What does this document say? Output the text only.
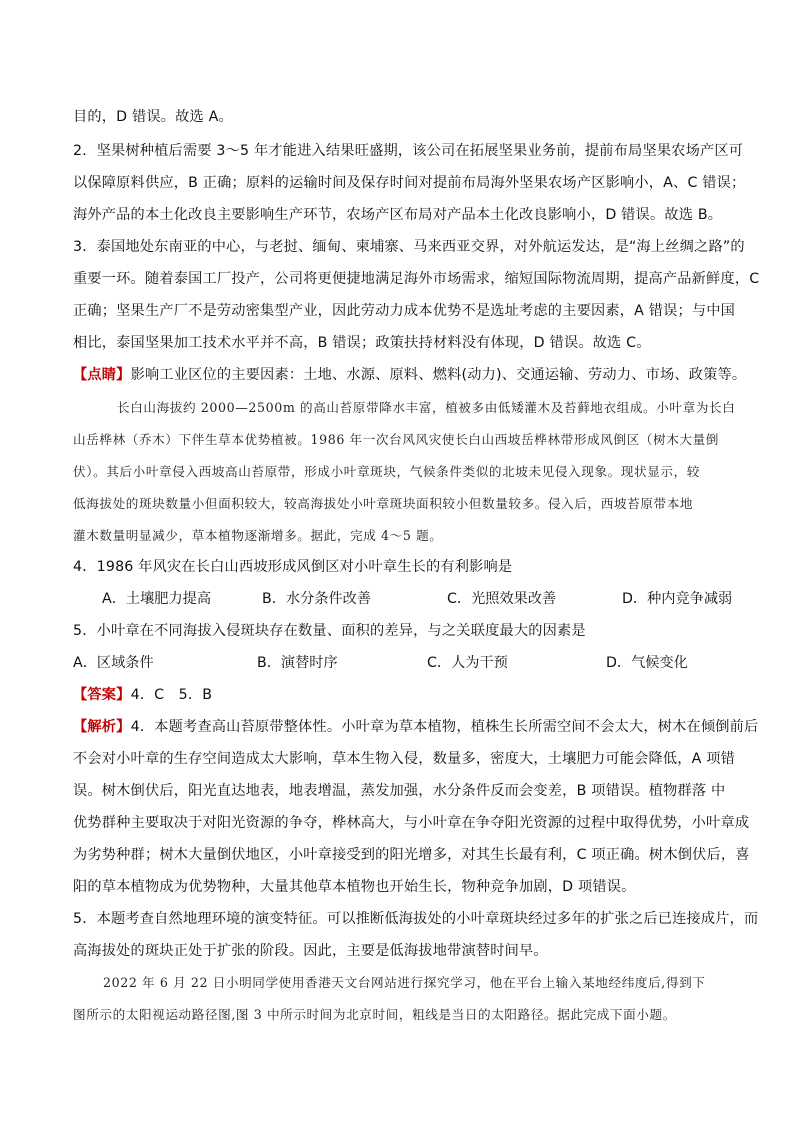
目的，D 错误。故选 A。
2．坚果树种植后需要 3～5 年才能进入结果旺盛期，该公司在拓展坚果业务前，提前布局坚果农场产区可
以保障原料供应，B 正确；原料的运输时间及保存时间对提前布局海外坚果农场产区影响小，A、C 错误；
海外产品的本土化改良主要影响生产环节，农场产区布局对产品本土化改良影响小，D 错误。故选 B。
3．泰国地处东南亚的中心，与老挝、缅甸、柬埔寨、马来西亚交界，对外航运发达，是“海上丝绸之路”的
重要一环。随着泰国工厂投产，公司将更便捷地满足海外市场需求，缩短国际物流周期，提高产品新鲜度，C
正确；坚果生产厂不是劳动密集型产业，因此劳动力成本优势不是选址考虑的主要因素，A 错误；与中国
相比，泰国坚果加工技术水平并不高，B 错误；政策扶持材料没有体现，D 错误。故选 C。
【点睛】影响工业区位的主要因素：土地、水源、原料、燃料(动力)、交通运输、劳动力、市场、政策等。
长白山海拔约 2000—2500m 的高山苔原带降水丰富，植被多由低矮灌木及苔藓地衣组成。小叶章为长白
山岳桦林（乔木）下伴生草本优势植被。1986 年一次台风风灾使长白山西坡岳桦林带形成风倒区（树木大量倒
伏）。其后小叶章侵入西坡高山苔原带，形成小叶章斑块，气候条件类似的北坡未见侵入现象。现状显示，较
低海拔处的斑块数量小但面积较大，较高海拔处小叶章斑块面积较小但数量较多。侵入后，西坡苔原带本地
灌木数量明显减少，草本植物逐渐增多。据此，完成 4～5 题。
4．1986 年风灾在长白山西坡形成风倒区对小叶章生长的有利影响是
A．土壤肥力提高	B．水分条件改善	C．光照效果改善	D．种内竞争减弱
5．小叶章在不同海拔入侵斑块存在数量、面积的差异，与之关联度最大的因素是
A．区域条件	B．演替时序	C．人为干预	D．气候变化
【答案】4．C　5．B
【解析】4．本题考查高山苔原带整体性。小叶章为草本植物，植株生长所需空间不会太大，树木在倾倒前后
不会对小叶章的生存空间造成太大影响，草本生物入侵，数量多，密度大，土壤肥力可能会降低，A 项错
误。树木倒伏后，阳光直达地表，地表增温，蒸发加强，水分条件反而会变差，B 项错误。植物群落 中
优势群种主要取决于对阳光资源的争夺，桦林高大，与小叶章在争夺阳光资源的过程中取得优势，小叶章成
为劣势种群；树木大量倒伏地区，小叶章接受到的阳光增多，对其生长最有利，C 项正确。树木倒伏后，喜
阳的草本植物成为优势物种，大量其他草本植物也开始生长，物种竞争加剧，D 项错误。
5．本题考查自然地理环境的演变特征。可以推断低海拔处的小叶章斑块经过多年的扩张之后已连接成片，而
高海拔处的斑块正处于扩张的阶段。因此，主要是低海拔地带演替时间早。
2022 年 6 月 22 日小明同学使用香港天文台网站进行探究学习，他在平台上输入某地经纬度后,得到下
图所示的太阳视运动路径图,图 3 中所示时间为北京时间，粗线是当日的太阳路径。据此完成下面小题。
